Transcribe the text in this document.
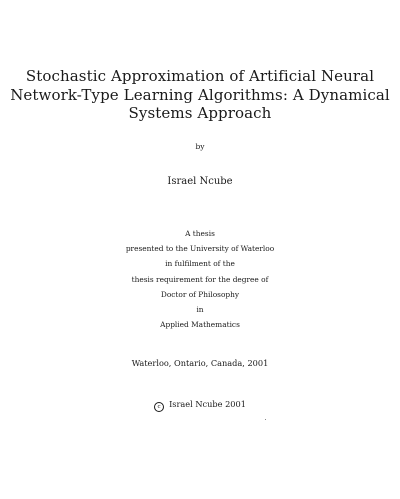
Stochastic Approximation of Artificial Neural
Network-Type Learning Algorithms: A Dynamical
Systems Approach
by
Israel Ncube
A thesis
presented to the University of Waterloo
in fulfilment of the
thesis requirement for the degree of
Doctor of Philosophy
in
Applied Mathematics
Waterloo, Ontario, Canada, 2001
c Israel Ncube 2001
